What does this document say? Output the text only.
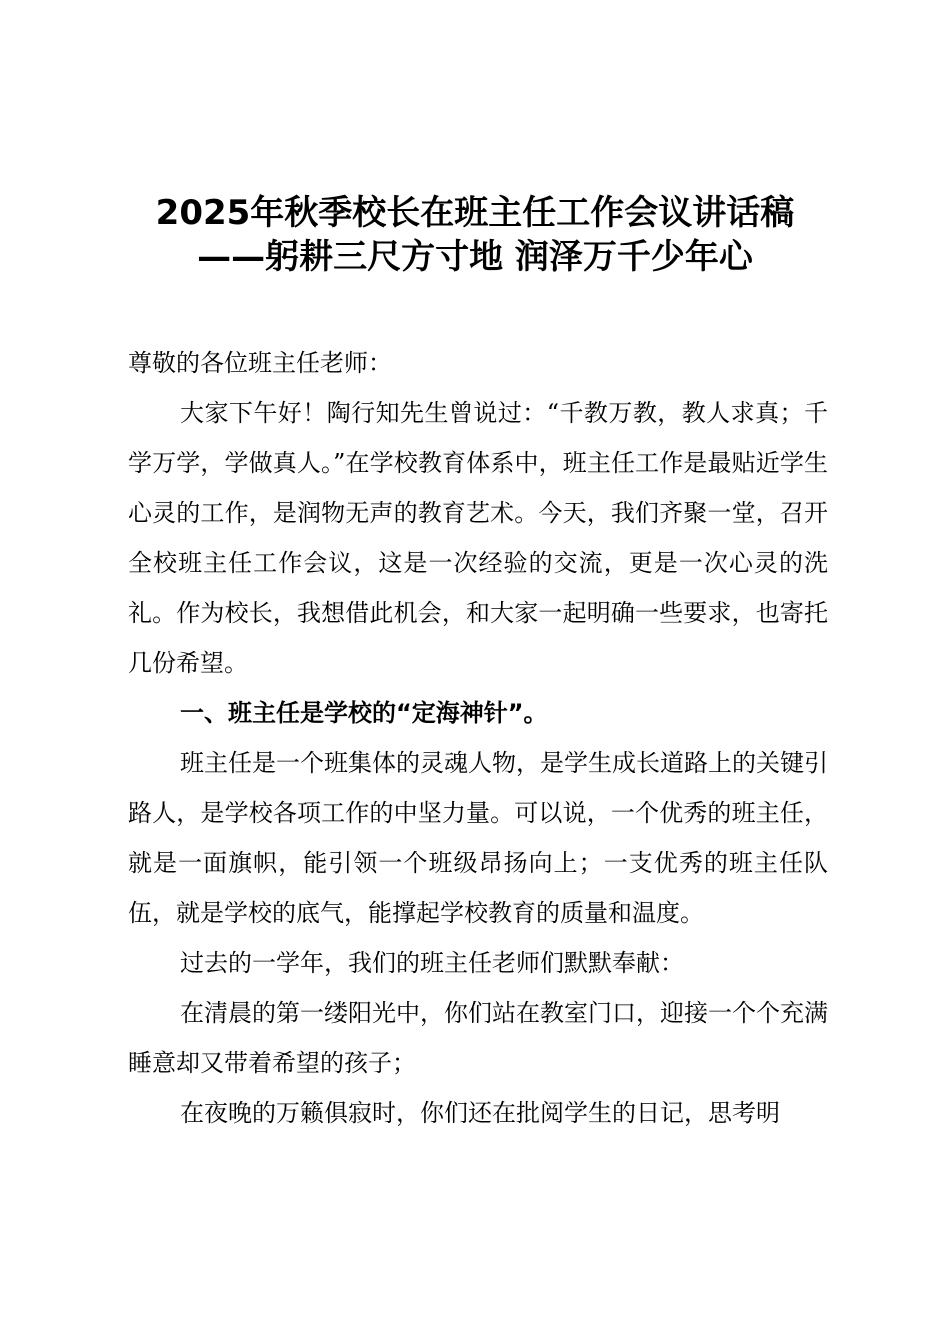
2025年秋季校长在班主任工作会议讲话稿
——躬耕三尺方寸地 润泽万千少年心

尊敬的各位班主任老师：

大家下午好！陶行知先生曾说过：“千教万教，教人求真；千学万学，学做真人。”在学校教育体系中，班主任工作是最贴近学生心灵的工作，是润物无声的教育艺术。今天，我们齐聚一堂，召开全校班主任工作会议，这是一次经验的交流，更是一次心灵的洗礼。作为校长，我想借此机会，和大家一起明确一些要求，也寄托几份希望。

一、班主任是学校的“定海神针”。

班主任是一个班集体的灵魂人物，是学生成长道路上的关键引路人，是学校各项工作的中坚力量。可以说，一个优秀的班主任，就是一面旗帜，能引领一个班级昂扬向上；一支优秀的班主任队伍，就是学校的底气，能撑起学校教育的质量和温度。

过去的一学年，我们的班主任老师们默默奉献：

在清晨的第一缕阳光中，你们站在教室门口，迎接一个个充满睡意却又带着希望的孩子；

在夜晚的万籁俱寂时，你们还在批阅学生的日记，思考明
